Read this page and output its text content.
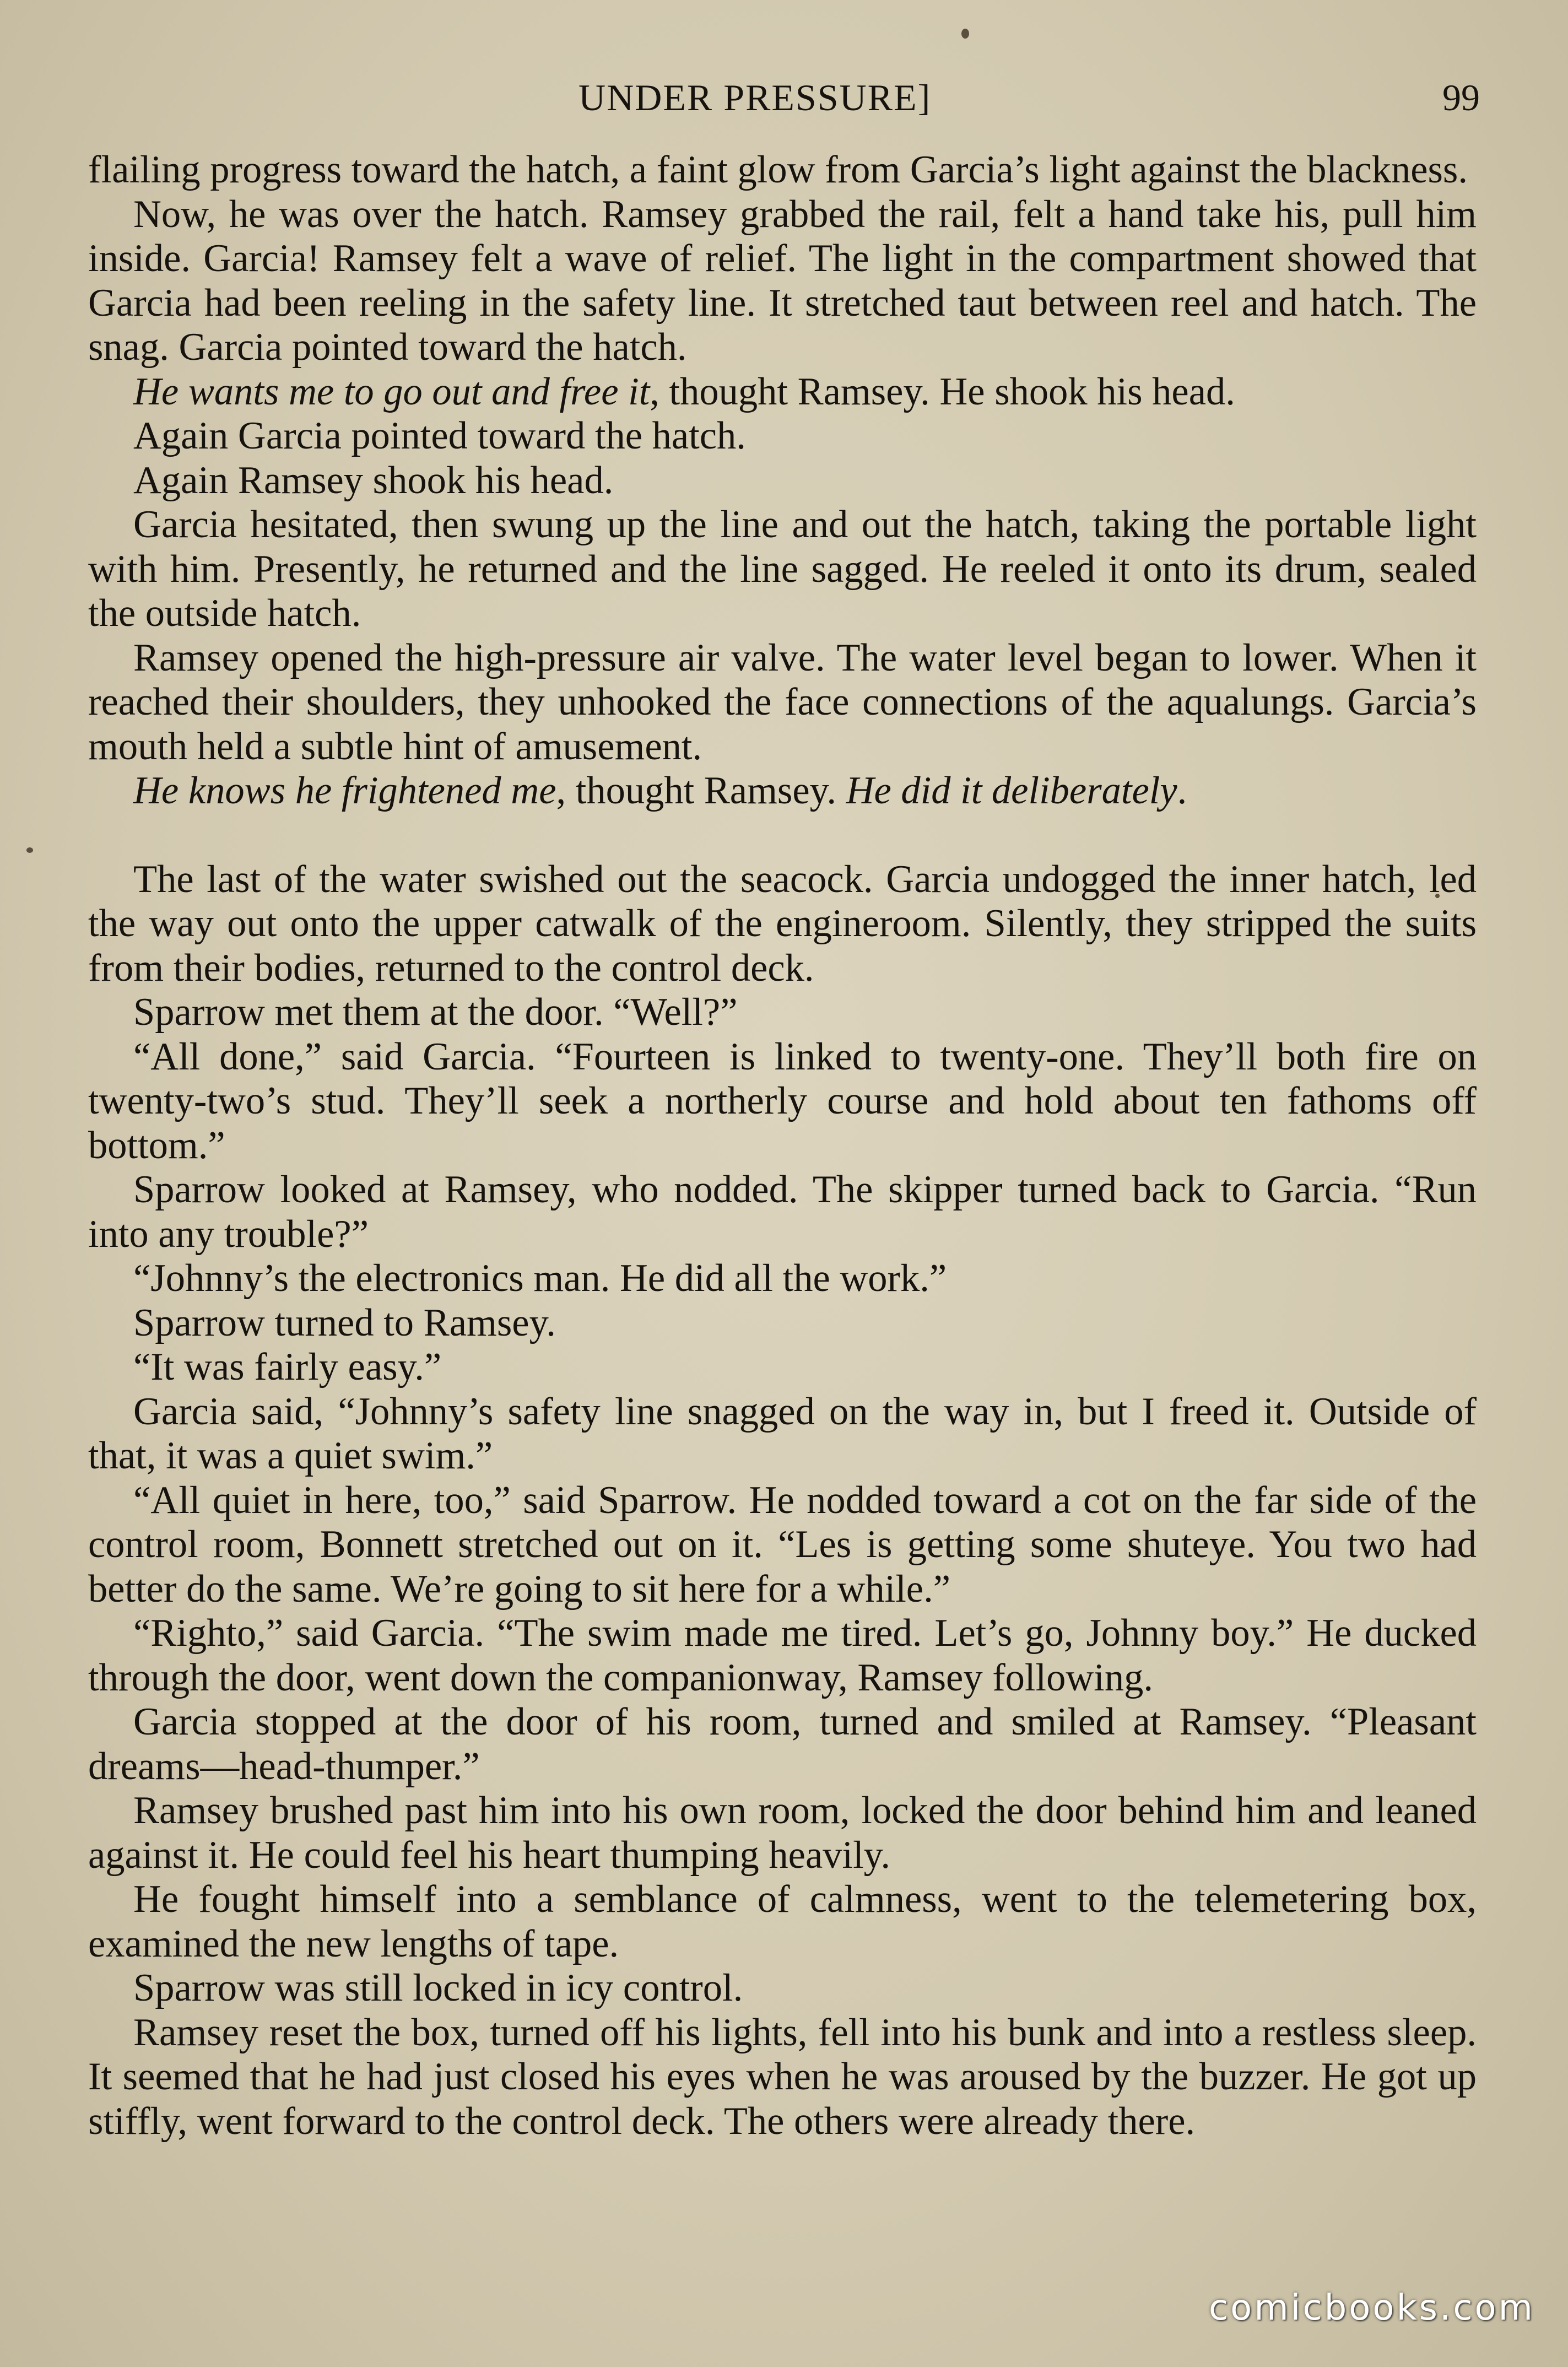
UNDER PRESSURE]	99

flailing progress toward the hatch, a faint glow from Garcia’s light against the blackness.

Now, he was over the hatch. Ramsey grabbed the rail, felt a hand take his, pull him inside. Garcia! Ramsey felt a wave of relief. The light in the compartment showed that Garcia had been reeling in the safety line. It stretched taut between reel and hatch. The snag. Garcia pointed toward the hatch.

He wants me to go out and free it, thought Ramsey. He shook his head.

Again Garcia pointed toward the hatch.

Again Ramsey shook his head.

Garcia hesitated, then swung up the line and out the hatch, taking the portable light with him. Presently, he returned and the line sagged. He reeled it onto its drum, sealed the outside hatch.

Ramsey opened the high-pressure air valve. The water level began to lower. When it reached their shoulders, they unhooked the face connections of the aqualungs. Garcia’s mouth held a subtle hint of amusement.

He knows he frightened me, thought Ramsey. He did it deliberately.

The last of the water swished out the seacock. Garcia undogged the inner hatch, led the way out onto the upper catwalk of the engineroom. Silently, they stripped the suits from their bodies, returned to the control deck.

Sparrow met them at the door. “Well?”

“All done,” said Garcia. “Fourteen is linked to twenty-one. They’ll both fire on twenty-two’s stud. They’ll seek a northerly course and hold about ten fathoms off bottom.”

Sparrow looked at Ramsey, who nodded. The skipper turned back to Garcia. “Run into any trouble?”

“Johnny’s the electronics man. He did all the work.”

Sparrow turned to Ramsey.

“It was fairly easy.”

Garcia said, “Johnny’s safety line snagged on the way in, but I freed it. Outside of that, it was a quiet swim.”

“All quiet in here, too,” said Sparrow. He nodded toward a cot on the far side of the control room, Bonnett stretched out on it. “Les is getting some shuteye. You two had better do the same. We’re going to sit here for a while.”

“Righto,” said Garcia. “The swim made me tired. Let’s go, Johnny boy.” He ducked through the door, went down the companionway, Ramsey following.

Garcia stopped at the door of his room, turned and smiled at Ramsey. “Pleasant dreams—head-thumper.”

Ramsey brushed past him into his own room, locked the door behind him and leaned against it. He could feel his heart thumping heavily.

He fought himself into a semblance of calmness, went to the telemetering box, examined the new lengths of tape.

Sparrow was still locked in icy control.

Ramsey reset the box, turned off his lights, fell into his bunk and into a restless sleep. It seemed that he had just closed his eyes when he was aroused by the buzzer. He got up stiffly, went forward to the control deck. The others were already there.

comicbooks.com
